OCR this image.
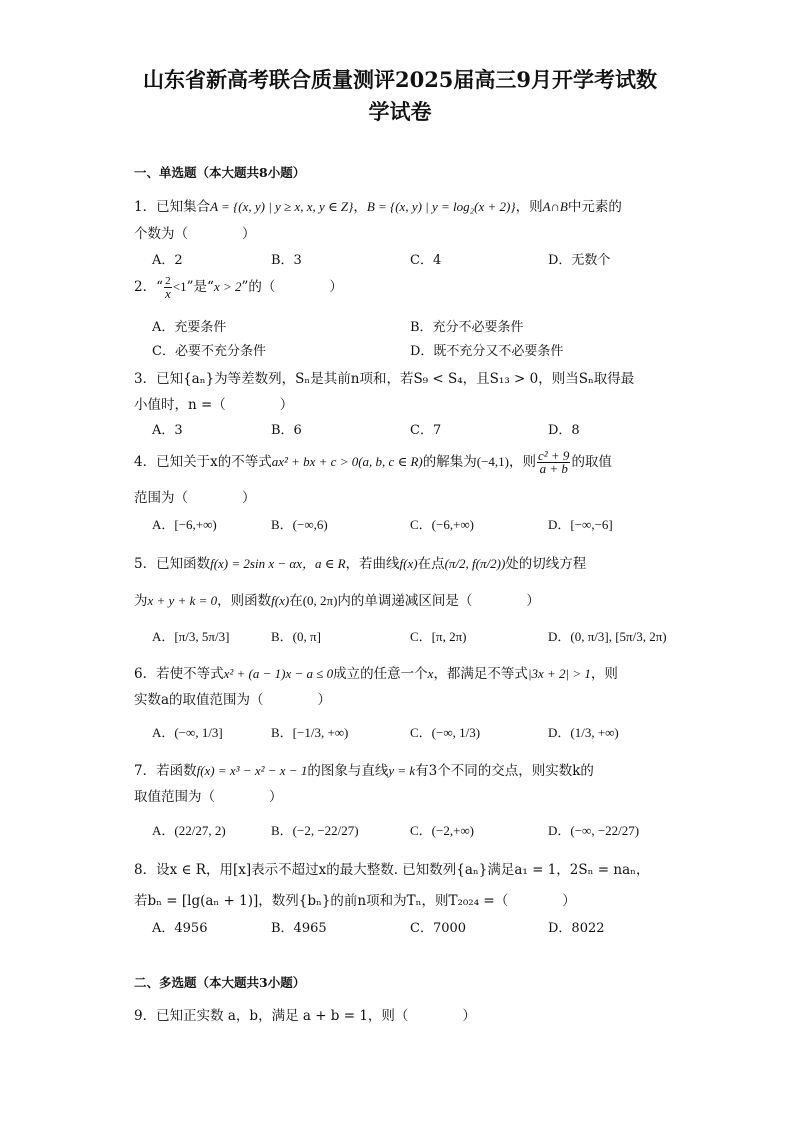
山东省新高考联合质量测评2025届高三9月开学考试数
学试卷
一、单选题（本大题共8小题）
1．已知集合A = {(x, y) | y ≥ x, x, y ∈ Z}，B = {(x, y) | y = log₂(x + 2)}，则A∩B中元素的
个数为（　　　　）
A．2	B．3	C．4	D．无数个
2．“ $\frac{2}{x} <1$”是“x > 2”的（　　　　）
A．充要条件	B．充分不必要条件
C．必要不充分条件	D．既不充分又不必要条件
3．已知{aₙ}为等差数列，Sₙ是其前n项和，若S₉ < S₄，且S₁₃ > 0，则当Sₙ取得最
小值时，n =（　　　　）
A．3	B．6	C．7	D．8
4．已知关于x的不等式ax² + bx + c > 0(a, b, c ∈ R)的解集为(−4,1)，则 $\frac{\text{c² + 9}}{a + b}$ 的取值
范围为（　　　　）
A．[−6,+∞)	B．(−∞,6)	C．(−6,+∞)	D．[−∞,−6]
5．已知函数f(x) = 2sin x − αx，a ∈ R，若曲线f(x)在点(π/2, f(π/2))处的切线方程
为x + y + k = 0，则函数f(x)在(0, 2π)内的单调递减区间是（　　　　）
A．[π/3, 5π/3]	B．(0, π]	C．[π, 2π)	D．(0, π/3], [5π/3, 2π)
6．若使不等式x² + (a − 1)x − a ≤ 0成立的任意一个x，都满足不等式|3x + 2| > 1，则
实数a的取值范围为（　　　　）
A．(−∞, 1/3]	B．[−1/3, +∞)	C．(−∞, 1/3)	D．(1/3, +∞)
7．若函数f(x) = x³ − x² − x − 1的图象与直线y = k有3个不同的交点，则实数k的
取值范围为（　　　　）
A．(22/27, 2)	B．(−2, −22/27)	C．(−2,+∞)	D．(−∞, −22/27)
8．设x ∈ R，用[x]表示不超过x的最大整数. 已知数列{aₙ}满足a₁ = 1，2Sₙ = naₙ，
若bₙ = [lg(aₙ + 1)]，数列{bₙ}的前n项和为Tₙ，则T₂₀₂₄ =（　　　　）
A．4956	B．4965	C．7000	D．8022
二、多选题（本大题共3小题）
9．已知正实数 a，b，满足 a + b = 1，则（　　　　）
